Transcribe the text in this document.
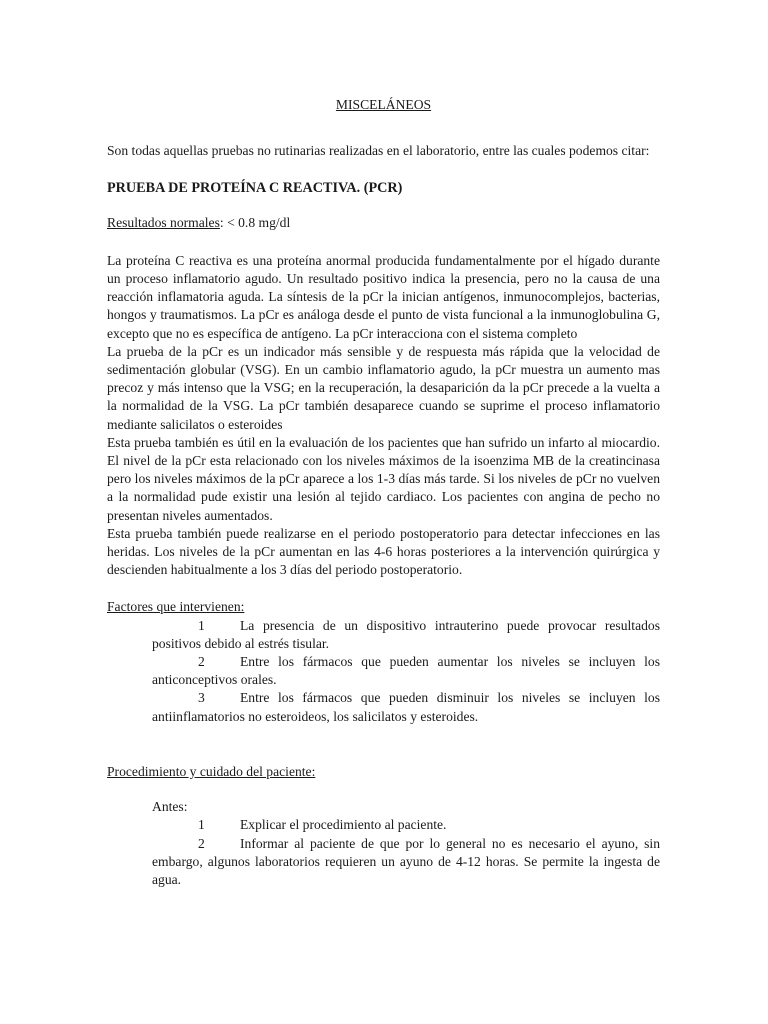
MISCELÁNEOS

Son todas aquellas pruebas no rutinarias realizadas en el laboratorio, entre las cuales podemos citar:

PRUEBA DE PROTEÍNA C REACTIVA. (PCR)

Resultados normales: < 0.8 mg/dl

La proteína C reactiva es una proteína anormal producida fundamentalmente por el hígado durante un proceso inflamatorio agudo. Un resultado positivo indica la presencia, pero no la causa de una reacción inflamatoria aguda. La síntesis de la pCr la inician antígenos, inmunocomplejos, bacterias, hongos y traumatismos. La pCr es análoga desde el punto de vista funcional a la inmunoglobulina G, excepto que no es específica de antígeno. La pCr interacciona con el sistema completo

La prueba de la pCr es un indicador más sensible y de respuesta más rápida que la velocidad de sedimentación globular (VSG). En un cambio inflamatorio agudo, la pCr muestra un aumento mas precoz y más intenso que la VSG; en la recuperación, la desaparición da la pCr precede a la vuelta a la normalidad de la VSG. La pCr también desaparece cuando se suprime el proceso inflamatorio mediante salicilatos o esteroides

Esta prueba también es útil en la evaluación de los pacientes que han sufrido un infarto al miocardio. El nivel de la pCr esta relacionado con los niveles máximos de la isoenzima MB de la creatincinasa pero los niveles máximos de la pCr aparece a los 1-3 días más tarde. Si los niveles de pCr no vuelven a la normalidad pude existir una lesión al tejido cardiaco. Los pacientes con angina de pecho no presentan niveles aumentados.

Esta prueba también puede realizarse en el periodo postoperatorio para detectar infecciones en las heridas. Los niveles de la pCr aumentan en las 4-6 horas posteriores a la intervención quirúrgica y descienden habitualmente a los 3 días del periodo postoperatorio.

Factores que intervienen:

1	La presencia de un dispositivo intrauterino puede provocar resultados positivos debido al estrés tisular.

2	Entre los fármacos que pueden aumentar los niveles se incluyen los anticonceptivos orales.

3	Entre los fármacos que pueden disminuir los niveles se incluyen los antiinflamatorios no esteroideos, los salicilatos y esteroides.

Procedimiento y cuidado del paciente:

Antes:

1	Explicar el procedimiento al paciente.

2	Informar al paciente de que por lo general no es necesario el ayuno, sin embargo, algunos laboratorios requieren un ayuno de 4-12 horas. Se permite la ingesta de agua.
